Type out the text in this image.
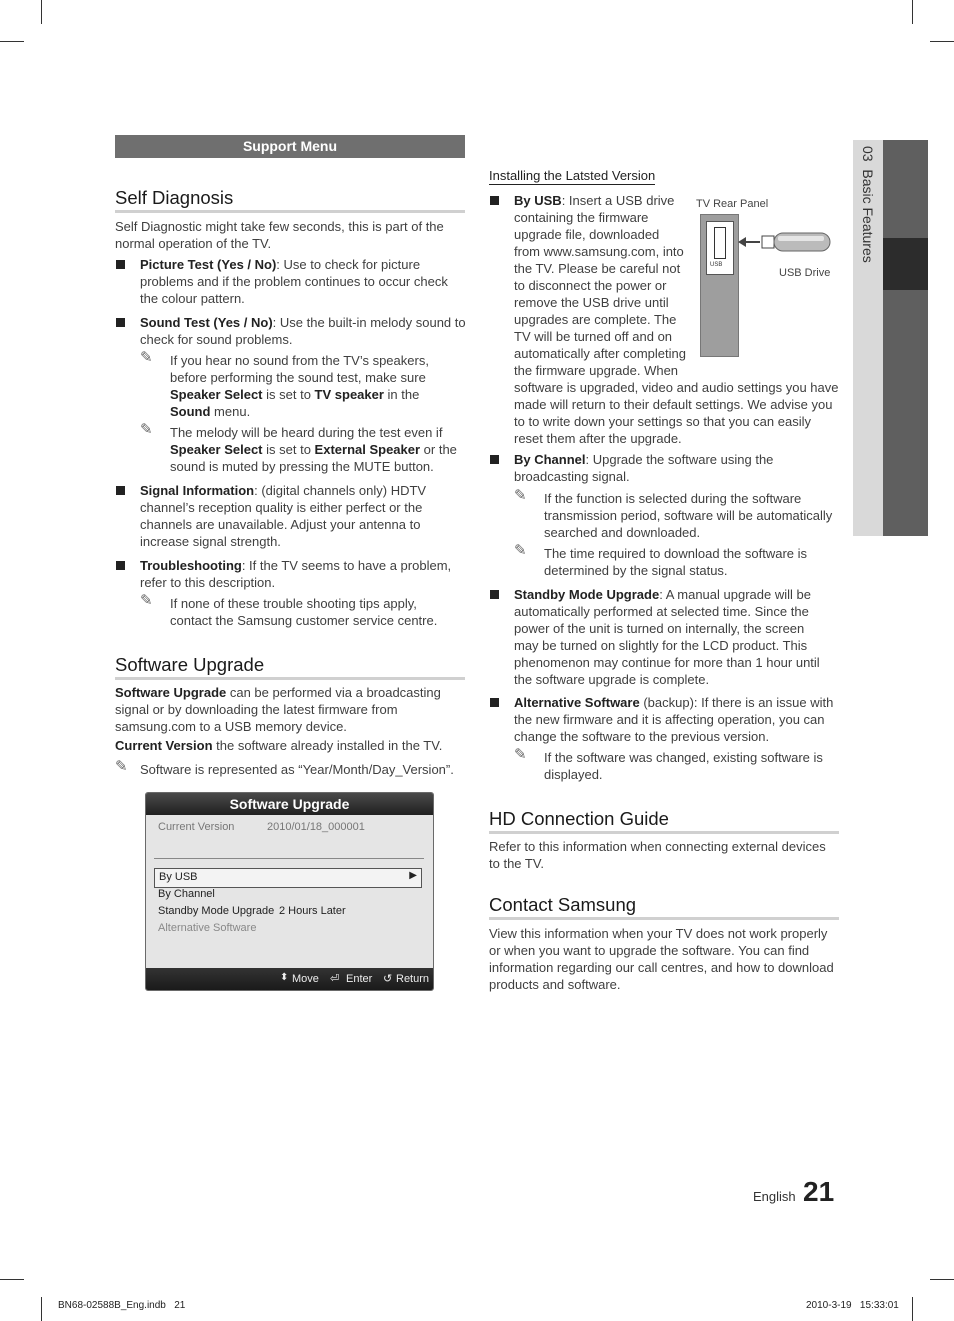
03  Basic Features
Support Menu
Self Diagnosis

Self Diagnostic might take few seconds, this is part of the normal operation of the TV.

Picture Test (Yes / No): Use to check for picture problems and if the problem continues to occur check the colour pattern.

Sound Test (Yes / No): Use the built-in melody sound to check for sound problems.

✎ If you hear no sound from the TV’s speakers, before performing the sound test, make sure Speaker Select is set to TV speaker in the Sound menu.

✎ The melody will be heard during the test even if Speaker Select is set to External Speaker or the sound is muted by pressing the MUTE button.

Signal Information: (digital channels only) HDTV channel’s reception quality is either perfect or the channels are unavailable. Adjust your antenna to increase signal strength.

Troubleshooting: If the TV seems to have a problem, refer to this description.

✎ If none of these trouble shooting tips apply, contact the Samsung customer service centre.

Software Upgrade

Software Upgrade can be performed via a broadcasting signal or by downloading the latest firmware from samsung.com to a USB memory device.

Current Version the software already installed in the TV.

✎ Software is represented as “Year/Month/Day_Version”.

Software Upgrade
Current Version	2010/01/18_000001
By USB	▶
By Channel
Standby Mode Upgrade 2 Hours Later
Alternative Software
⬍ Move ⏎ Enter ↺ Return
Installing the Latsted Version
TV Rear Panel
USB
USB Drive

By USB: Insert a USB drive containing the firmware upgrade file, downloaded from www.samsung.com, into the TV. Please be careful not to disconnect the power or remove the USB drive until upgrades are complete. The TV will be turned off and on automatically after completing the firmware upgrade. When software is upgraded, video and audio settings you have made will return to their default settings. We advise you to to write down your settings so that you can easily reset them after the upgrade.

By Channel: Upgrade the software using the broadcasting signal.

✎ If the function is selected during the software transmission period, software will be automatically searched and downloaded.

✎ The time required to download the software is determined by the signal status.

Standby Mode Upgrade: A manual upgrade will be automatically performed at selected time. Since the power of the unit is turned on internally, the screen may be turned on slightly for the LCD product. This phenomenon may continue for more than 1 hour until the software upgrade is complete.

Alternative Software (backup): If there is an issue with the new firmware and it is affecting operation, you can change the software to the previous version.

✎ If the software was changed, existing software is displayed.

HD Connection Guide

Refer to this information when connecting external devices to the TV.

Contact Samsung

View this information when your TV does not work properly or when you want to upgrade the software. You can find information regarding our call centres, and how to download products and software.

English 21
BN68-02588B_Eng.indb   21	2010-3-19   15:33:01
